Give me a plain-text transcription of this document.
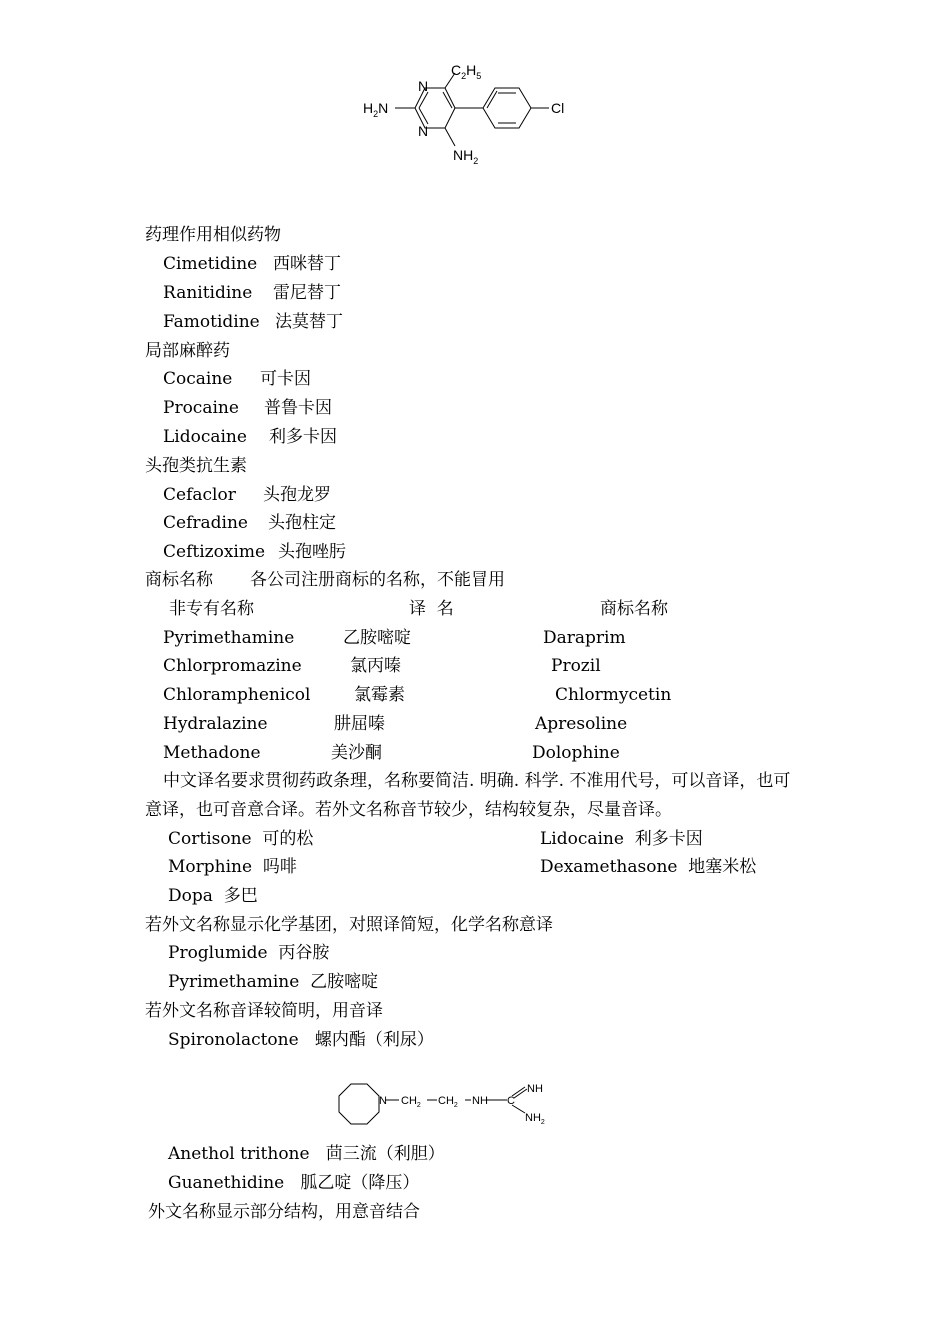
N
N
$C_2H_5$
$H_2N$
$NH_2$
Cl
药理作用相似药物
Cimetidine 西咪替丁
Ranitidine 雷尼替丁
Famotidine 法莫替丁
局部麻醉药
Cocaine 可卡因
Procaine 普鲁卡因
Lidocaine 利多卡因
头孢类抗生素
Cefaclor 头孢龙罗
Cefradine 头孢柱定
Ceftizoxime 头孢唑肟
商标名称 各公司注册商标的名称，不能冒用
非专有名称	译  名	商标名称
Pyrimethamine	乙胺嘧啶	Daraprim
Chlorpromazine	氯丙嗪	Prozil
Chloramphenicol	氯霉素	Chlormycetin
Hydralazine	肼屈嗪	Apresoline
Methadone	美沙酮	Dolophine
中文译名要求贯彻药政条理，名称要简洁. 明确. 科学. 不准用代号，可以音译，也可
意译，也可音意合译。若外文名称音节较少，结构较复杂，尽量音译。
Cortisone  可的松	Lidocaine  利多卡因
Morphine  吗啡	Dexamethasone  地塞米松
Dopa  多巴
若外文名称显示化学基团，对照译简短，化学名称意译
Proglumide  丙谷胺
Pyrimethamine  乙胺嘧啶
若外文名称音译较简明，用音译
Spironolactone   螺内酯（利尿）
N $CH_2$ $CH_2$ NH C
NH
$NH_2$
Anethol trithone   茴三流（利胆）
Guanethidine   胍乙啶（降压）
外文名称显示部分结构，用意音结合
